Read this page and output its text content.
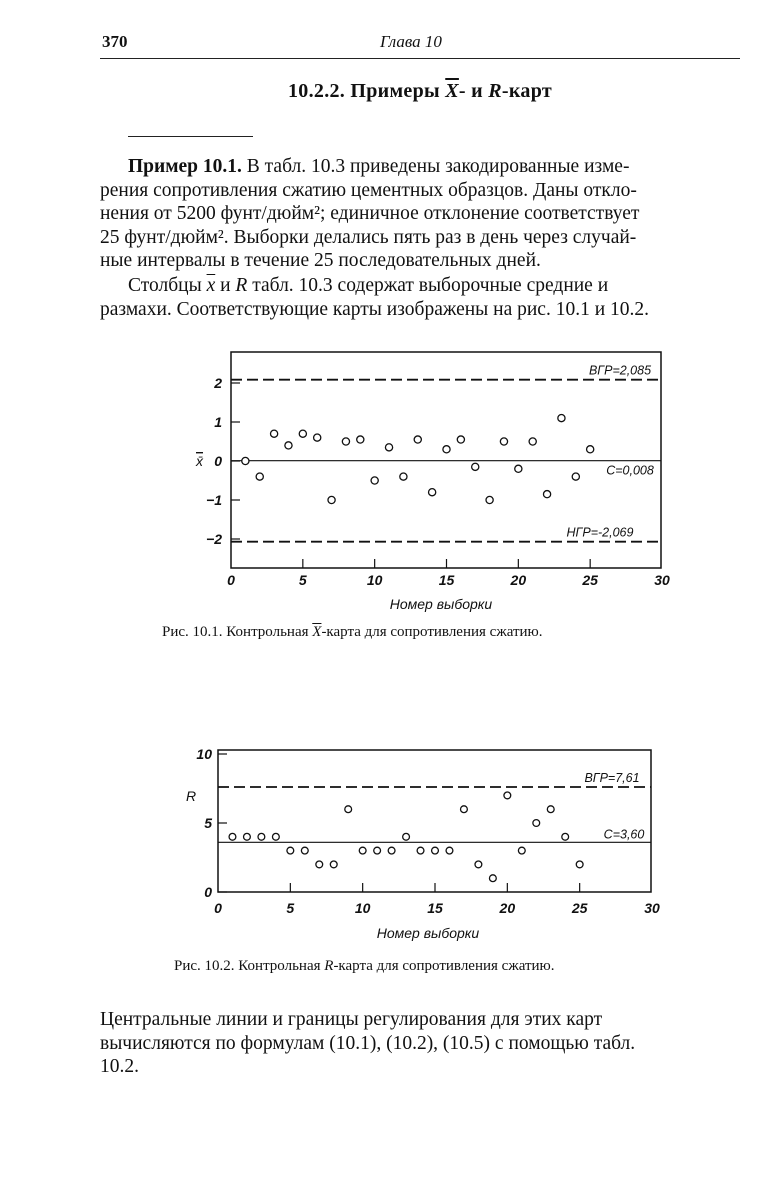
370	Глава 10
10.2.2. Примеры $\overline{X}-$ и R-карт
Пример 10.1. В табл. 10.3 приведены закодированные изме-
рения сопротивления сжатию цементных образцов. Даны откло-
нения от 5200 фунт/дюйм²; единичное отклонение соответствует
25 фунт/дюйм². Выборки делались пять раз в день через случай-
ные интервалы в течение 25 последовательных дней.
Столбцы $\overline{x}$ и R табл. 10.3 содержат выборочные средние и
размахи. Соответствующие карты изображены на рис. 10.1 и 10.2.
0	5	10	15	20	25	30
2
1
0
−1
−2
ВГР=2,085
C=0,008
НГР=-2,069
x̄
Номер выборки
0	5	10	15	20	25	30
10
5
0
ВГР=7,61
C=3,60
R
Номер выборки
Рис. 10.1. Контрольная $\overline{X}$-карта для сопротивления сжатию.
Рис. 10.2. Контрольная R-карта для сопротивления сжатию.
Центральные линии и границы регулирования для этих карт
вычисляются по формулам (10.1), (10.2), (10.5) с помощью табл.
10.2.
